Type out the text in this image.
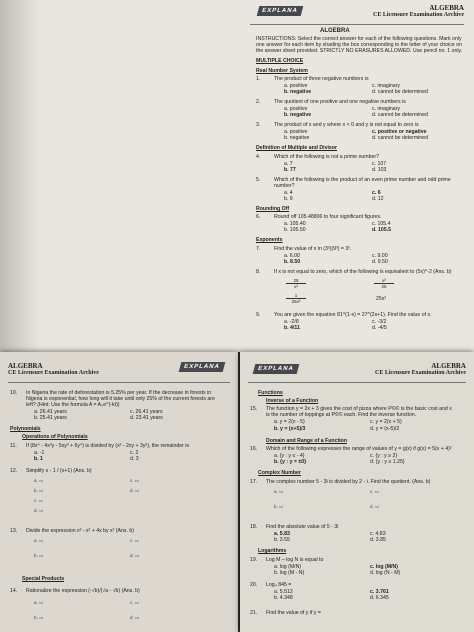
EXPLANA	ALGEBRA
CE Licensure Examination Archive
ALGEBRA
INSTRUCTIONS: Select the correct answer for each of the following questions. Mark only
one answer for each item by shading the box corresponding to the letter of your choice on
the answer sheet provided. STRICTLY NO ERASURES ALLOWED. Use pencil no. 1 only.
MULTIPLE CHOICE
Real Number System
1.	The product of three negative numbers is
a. positive
b. negative
c. imaginary
d. cannot be determined
2.	The quotient of one positive and one negative numbers is
a. positive
b. negative
c. imaginary
d. cannot be determined
3.	The product of x and y where x < 0 and y is not equal to zero is
a. positive
b. negative
c. positive or negative
d. cannot be determined
Definition of Multiple and Divisor
4.	Which of the following is not a prime number?
a. 7
b. 77
c. 107
d. 103
5.	Which of the following is the product of an even prime number and odd prime
number?
a. 4
b. 9
c. 6
d. 12
Rounding Off
6.	Round off 105.48806 to four significant figures.
a. 105.40
b. 105.50
c. 105.4
d. 105.5
Exponents
7.	Find the value of x in (3²)(9³) = 3ˣ.
a. 6.00
b. 8.50
c. 9.00
d. 9.50
8.	If x is not equal to zero, which of the following is equivalent to (5x)^-2 (Ans. b)
$\frac{25}{\text{x²}}$
$\frac{1}{\text{25x²}}$
$\frac{\text{x²}}{25}$
25x²
9.	You are given the equation 81^(1-x) = 27^(2x+1). Find the value of x.
a. -2/8
b. 4/11
c. -3/2
d. -4/5
ALGEBRA
CE Licensure Examination Archive
EXPLANA
10. In Nigeria the rate of deforestation is 5.25% per year. If the decrease in forests in
Nigeria is exponential, how long will it take until only 25% of the current forests are
left? (Hint: Use the formula A = A₀e^(-kt))
a. 26.41 years
b. 25.41 years
c. 26.41 years
d. 23.41 years
Polynomials
Operations of Polynomials
11. If (8x⁴ - 4x³y - 5xy³ + 6y⁴) is divided by (x² - 2xy + 3y²), the remainder is
a. -1
b. 1
c. 2
d. 3
12. Simplify x - 1 / (x+1) (Ans. b)
a. ▭

b. ▭

c. ▭

d. ▭
c. ▭

d. ▭
13. Divide the expression x³ - x² + 4x by x² (Ans. b)
a. ▭

b. ▭
c. ▭

d. ▭
Special Products
14. Rationalize the expression (-√b)/(√a - √b) (Ans. b)
a. ▭

b. ▭
c. ▭

d. ▭
EXPLANA	ALGEBRA
CE Licensure Examination Archive
Functions
Inverse of a Function
15. The function y = 2x + 3 gives the cost of pizza where P©© is the basic cost and x
is the number of toppings at P©© each. Find the inverse function.
a. y = 2(x - 5)
b. y = (x+5)/3
c. y = 2(x + 5)
d. y = (x-5)/2
Domain and Range of a Function
16. Which of the following expresses the range of values of y = g(x) if g(x) = 5(x + 4)²
a. {y : y ≤ - 4}
b. {y : y = ±0}
c. {y : y ≥ 2}
d. {y : y ≥ 1.25}
Complex Number
17. The complex number 5 - 3i is divided by 2 - i. Find the quotient. (Ans. b)
a. ▭

b. ▭
c. ▭

d. ▭
18. Find the absolute value of 5 - 3i
a. 5.83
b. 3.55
c. 4.83
d. 3.85
Logarithms
19. Log M – log N is equal to
a. log (M/N)
b. log (M - N)
c. log (M/N)
d. log (N - M)
20. Log₄ 845 =
a. 5.512
b. 4.348
c. 3.761
d. 6.345
21. Find the value of y if y =
